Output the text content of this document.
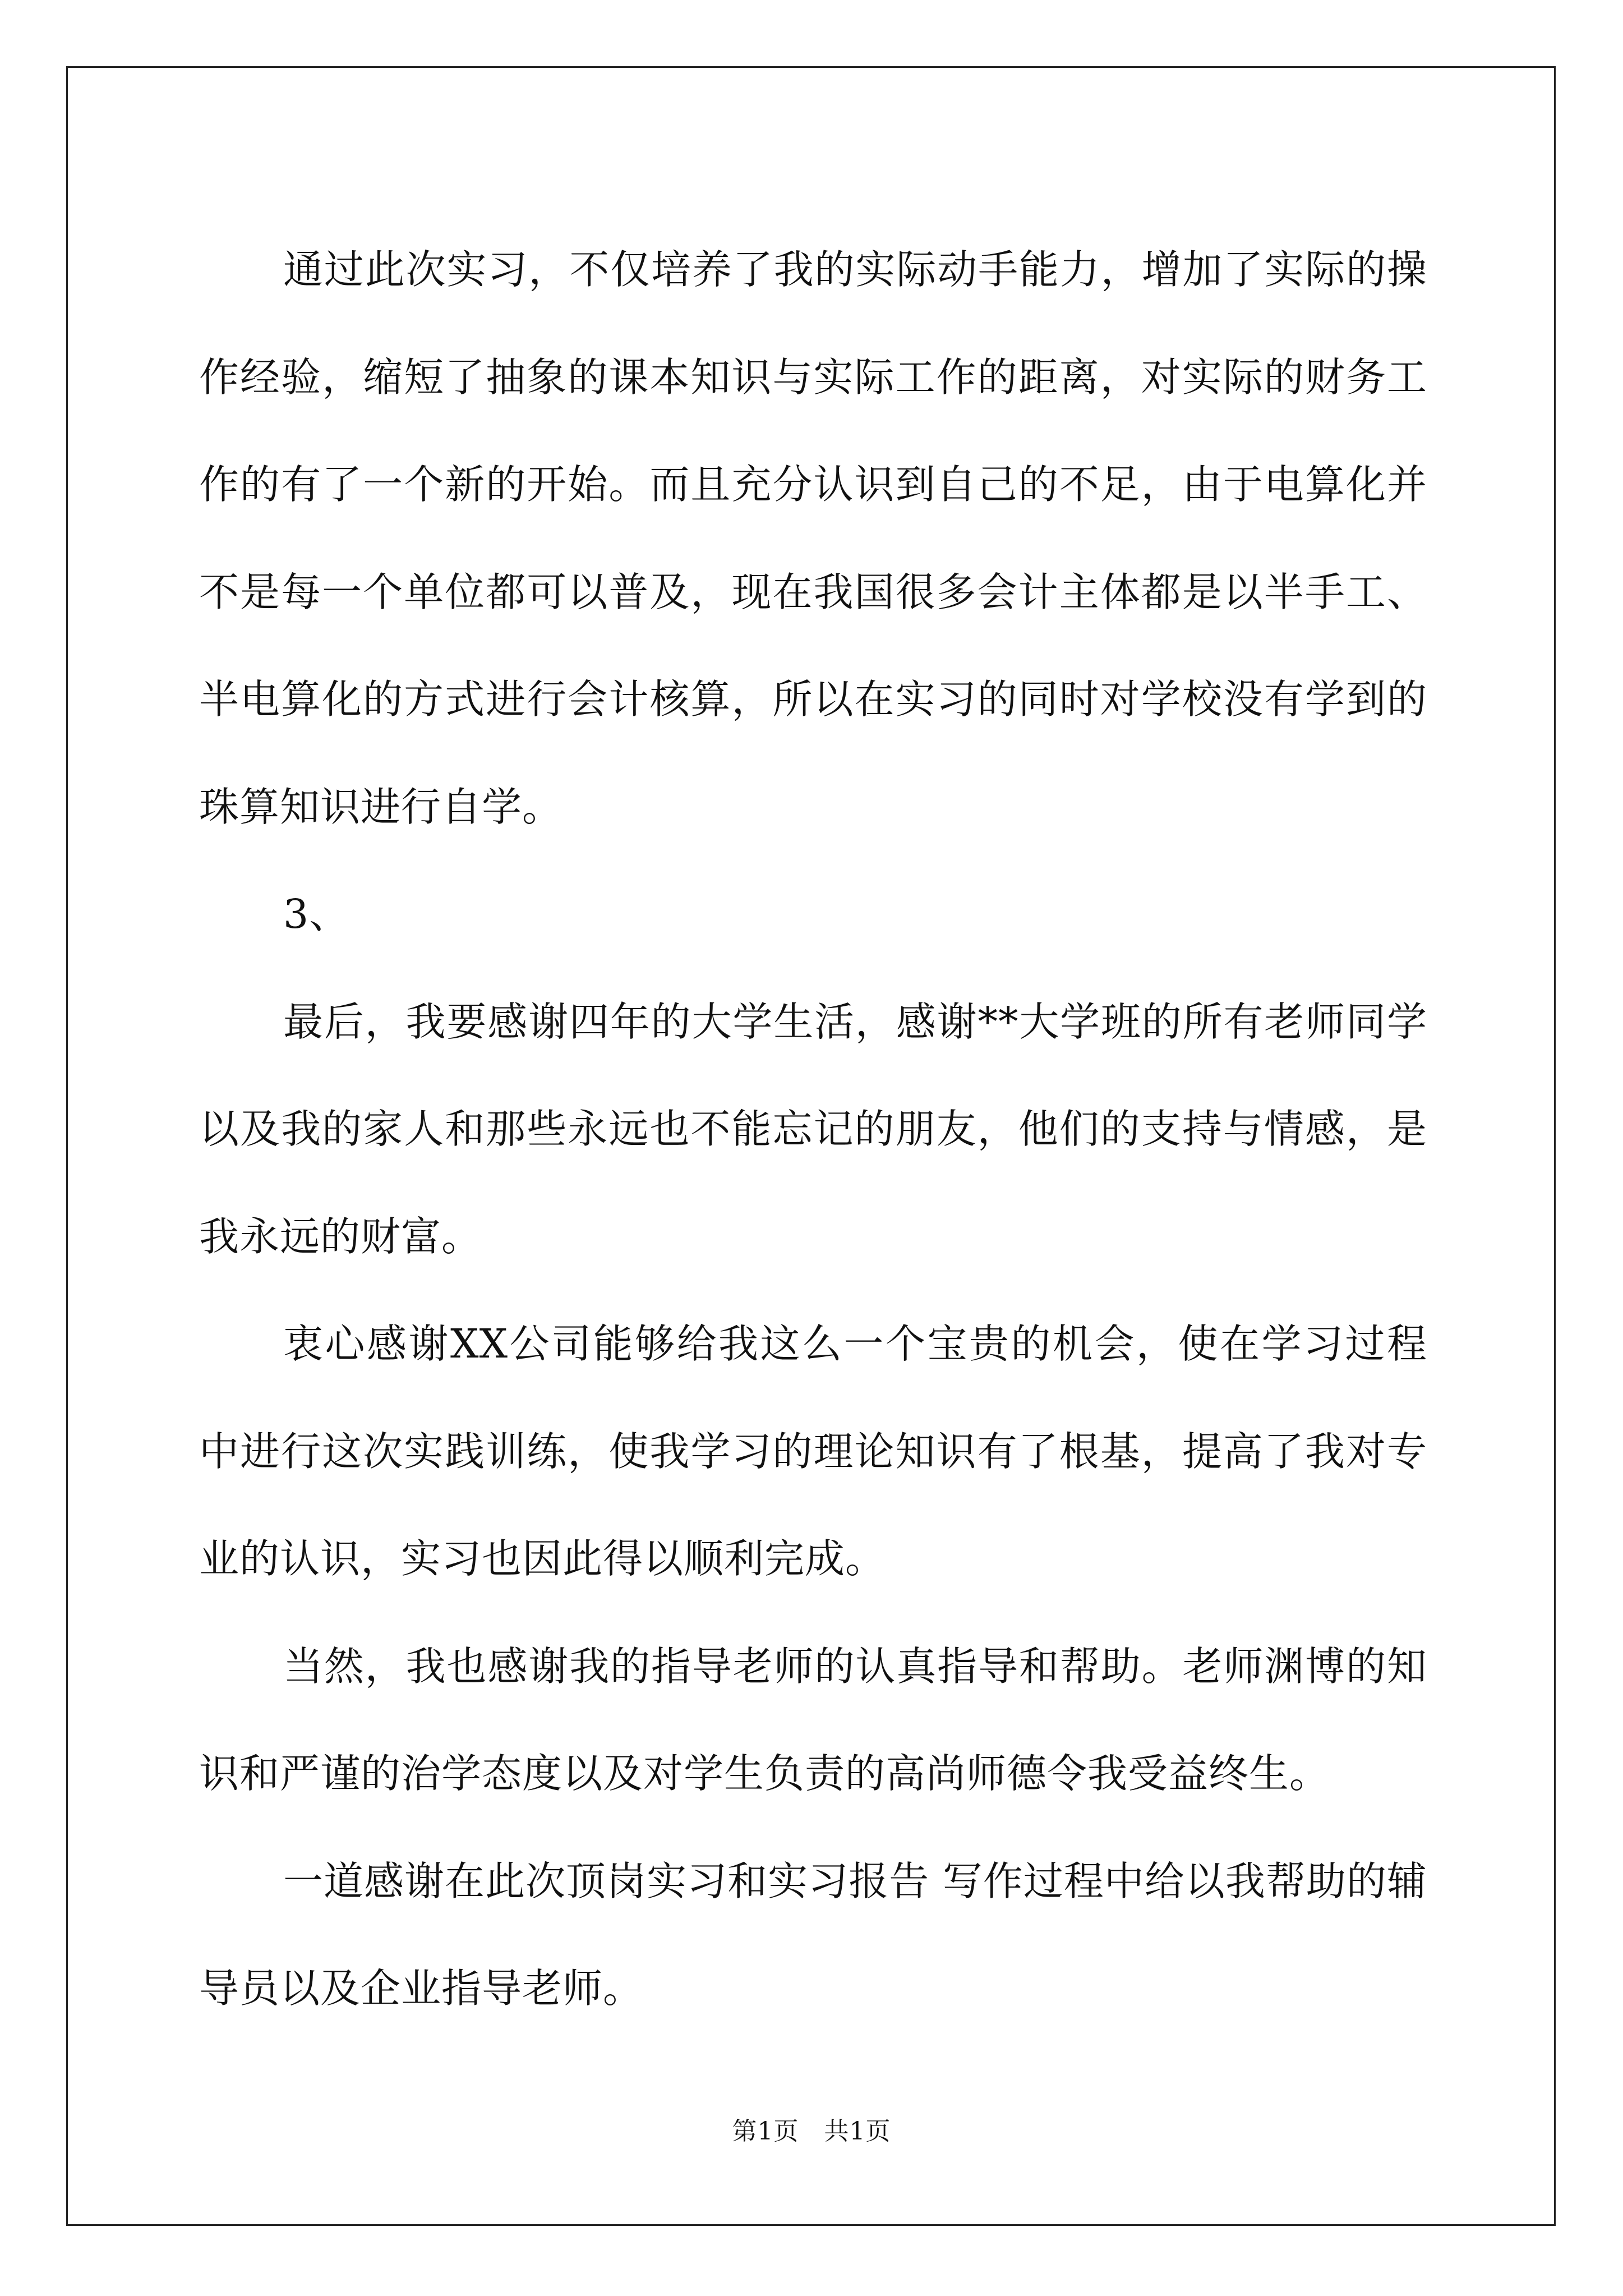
通过此次实习，不仅培养了我的实际动手能力，增加了实际的操作经验，缩短了抽象的课本知识与实际工作的距离，对实际的财务工作的有了一个新的开始。而且充分认识到自己的不足，由于电算化并不是每一个单位都可以普及，现在我国很多会计主体都是以半手工、半电算化的方式进行会计核算，所以在实习的同时对学校没有学到的珠算知识进行自学。

3、

最后，我要感谢四年的大学生活，感谢**大学班的所有老师同学以及我的家人和那些永远也不能忘记的朋友，他们的支持与情感，是我永远的财富。

衷心感谢XX公司能够给我这么一个宝贵的机会，使在学习过程中进行这次实践训练，使我学习的理论知识有了根基，提高了我对专业的认识，实习也因此得以顺利完成。

当然，我也感谢我的指导老师的认真指导和帮助。老师渊博的知识和严谨的治学态度以及对学生负责的高尚师德令我受益终生。

一道感谢在此次顶岗实习和实习报告 写作过程中给以我帮助的辅导员以及企业指导老师。

第1页　共1页
